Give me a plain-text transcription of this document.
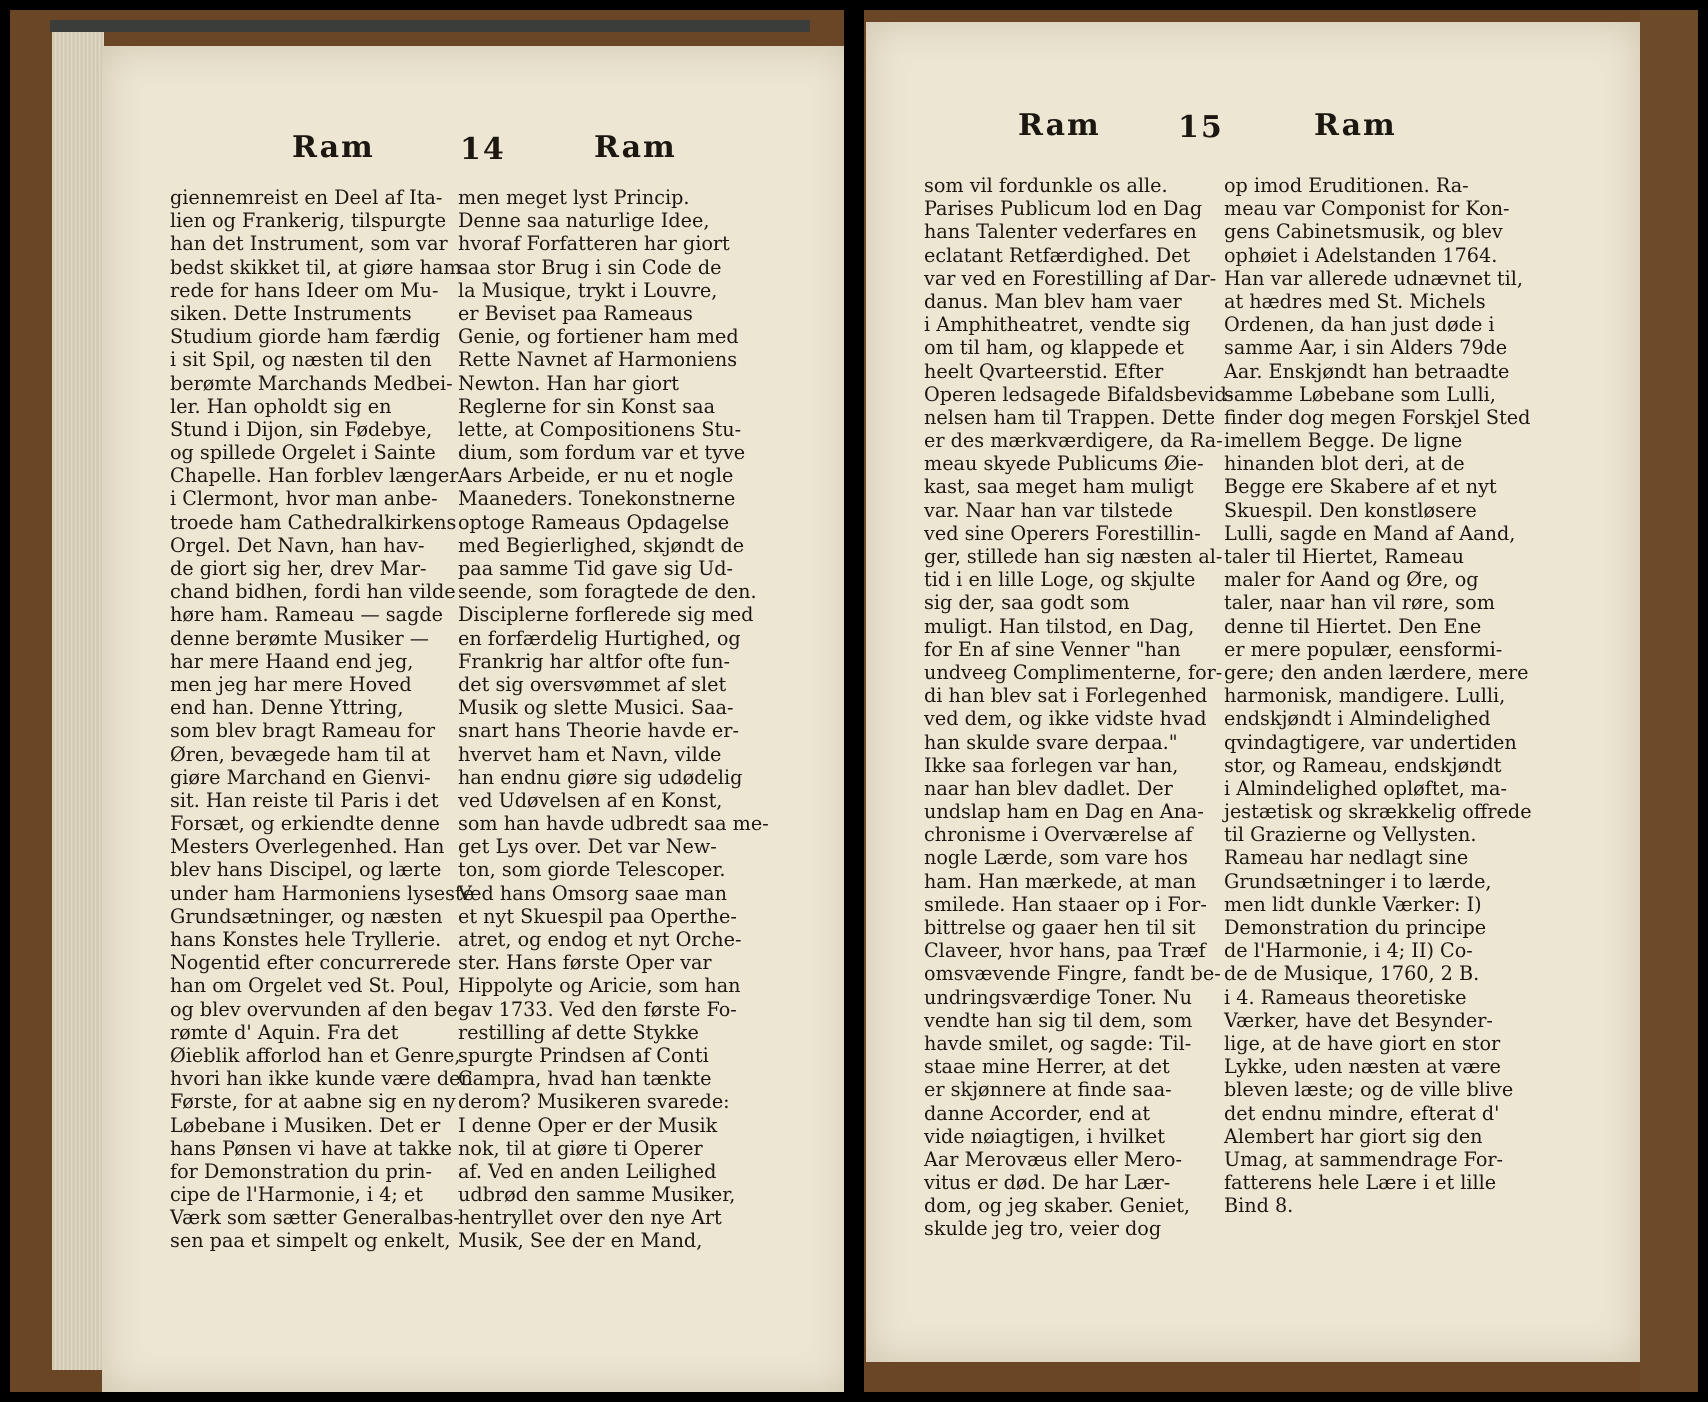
Ram	14	Ram
giennemreist en Deel af Ita-
lien og Frankerig, tilspurgte
han det Instrument, som var
bedst skikket til, at giøre ham
rede for hans Ideer om Mu-
siken. Dette Instruments
Studium giorde ham færdig
i sit Spil, og næsten til den
berømte Marchands Medbei-
ler. Han opholdt sig en
Stund i Dijon, sin Fødebye,
og spillede Orgelet i Sainte
Chapelle. Han forblev længer
i Clermont, hvor man anbe-
troede ham Cathedralkirkens
Orgel. Det Navn, han hav-
de giort sig her, drev Mar-
chand bidhen, fordi han vilde
høre ham. Rameau — sagde
denne berømte Musiker —
har mere Haand end jeg,
men jeg har mere Hoved
end han. Denne Yttring,
som blev bragt Rameau for
Øren, bevægede ham til at
giøre Marchand en Gienvi-
sit. Han reiste til Paris i det
Forsæt, og erkiendte denne
Mesters Overlegenhed. Han
blev hans Discipel, og lærte
under ham Harmoniens lyseste
Grundsætninger, og næsten
hans Konstes hele Tryllerie.
Nogentid efter concurrerede
han om Orgelet ved St. Poul,
og blev overvunden af den be-
rømte d' Aquin. Fra det
Øieblik afforlod han et Genre,
hvori han ikke kunde være den
Første, for at aabne sig en ny
Løbebane i Musiken. Det er
hans Pønsen vi have at takke
for Demonstration du prin-
cipe de l'Harmonie, i 4; et
Værk som sætter Generalbas-
sen paa et simpelt og enkelt,
men meget lyst Princip.
Denne saa naturlige Idee,
hvoraf Forfatteren har giort
saa stor Brug i sin Code de
la Musique, trykt i Louvre,
er Beviset paa Rameaus
Genie, og fortiener ham med
Rette Navnet af Harmoniens
Newton. Han har giort
Reglerne for sin Konst saa
lette, at Compositionens Stu-
dium, som fordum var et tyve
Aars Arbeide, er nu et nogle
Maaneders. Tonekonstnerne
optoge Rameaus Opdagelse
med Begierlighed, skjøndt de
paa samme Tid gave sig Ud-
seende, som foragtede de den.
Disciplerne forflerede sig med
en forfærdelig Hurtighed, og
Frankrig har altfor ofte fun-
det sig oversvømmet af slet
Musik og slette Musici. Saa-
snart hans Theorie havde er-
hvervet ham et Navn, vilde
han endnu giøre sig udødelig
ved Udøvelsen af en Konst,
som han havde udbredt saa me-
get Lys over. Det var New-
ton, som giorde Telescoper.
Ved hans Omsorg saae man
et nyt Skuespil paa Operthe-
atret, og endog et nyt Orche-
ster. Hans første Oper var
Hippolyte og Aricie, som han
gav 1733. Ved den første Fo-
restilling af dette Stykke
spurgte Prindsen af Conti
Campra, hvad han tænkte
derom? Musikeren svarede:
I denne Oper er der Musik
nok, til at giøre ti Operer
af. Ved en anden Leilighed
udbrød den samme Musiker,
hentryllet over den nye Art
Musik, See der en Mand,
Ram	15	Ram
som vil fordunkle os alle.
Parises Publicum lod en Dag
hans Talenter vederfares en
eclatant Retfærdighed. Det
var ved en Forestilling af Dar-
danus. Man blev ham vaer
i Amphitheatret, vendte sig
om til ham, og klappede et
heelt Qvarteerstid. Efter
Operen ledsagede Bifaldsbevid-
nelsen ham til Trappen. Dette
er des mærkværdigere, da Ra-
meau skyede Publicums Øie-
kast, saa meget ham muligt
var. Naar han var tilstede
ved sine Operers Forestillin-
ger, stillede han sig næsten al-
tid i en lille Loge, og skjulte
sig der, saa godt som
muligt. Han tilstod, en Dag,
for En af sine Venner "han
undveeg Complimenterne, for-
di han blev sat i Forlegenhed
ved dem, og ikke vidste hvad
han skulde svare derpaa."
Ikke saa forlegen var han,
naar han blev dadlet. Der
undslap ham en Dag en Ana-
chronisme i Overværelse af
nogle Lærde, som vare hos
ham. Han mærkede, at man
smilede. Han staaer op i For-
bittrelse og gaaer hen til sit
Claveer, hvor hans, paa Træf
omsvævende Fingre, fandt be-
undringsværdige Toner. Nu
vendte han sig til dem, som
havde smilet, og sagde: Til-
staae mine Herrer, at det
er skjønnere at finde saa-
danne Accorder, end at
vide nøiagtigen, i hvilket
Aar Merovæus eller Mero-
vitus er død. De har Lær-
dom, og jeg skaber. Geniet,
skulde jeg tro, veier dog
op imod Eruditionen. Ra-
meau var Componist for Kon-
gens Cabinetsmusik, og blev
ophøiet i Adelstanden 1764.
Han var allerede udnævnet til,
at hædres med St. Michels
Ordenen, da han just døde i
samme Aar, i sin Alders 79de
Aar. Enskjøndt han betraadte
samme Løbebane som Lulli,
finder dog megen Forskjel Sted
imellem Begge. De ligne
hinanden blot deri, at de
Begge ere Skabere af et nyt
Skuespil. Den konstløsere
Lulli, sagde en Mand af Aand,
taler til Hiertet, Rameau
maler for Aand og Øre, og
taler, naar han vil røre, som
denne til Hiertet. Den Ene
er mere populær, eensformi-
gere; den anden lærdere, mere
harmonisk, mandigere. Lulli,
endskjøndt i Almindelighed
qvindagtigere, var undertiden
stor, og Rameau, endskjøndt
i Almindelighed opløftet, ma-
jestætisk og skrækkelig offrede
til Grazierne og Vellysten.
Rameau har nedlagt sine
Grundsætninger i to lærde,
men lidt dunkle Værker: I)
Demonstration du principe
de l'Harmonie, i 4; II) Co-
de de Musique, 1760, 2 B.
i 4. Rameaus theoretiske
Værker, have det Besynder-
lige, at de have giort en stor
Lykke, uden næsten at være
bleven læste; og de ville blive
det endnu mindre, efterat d'
Alembert har giort sig den
Umag, at sammendrage For-
fatterens hele Lære i et lille
Bind 8.
